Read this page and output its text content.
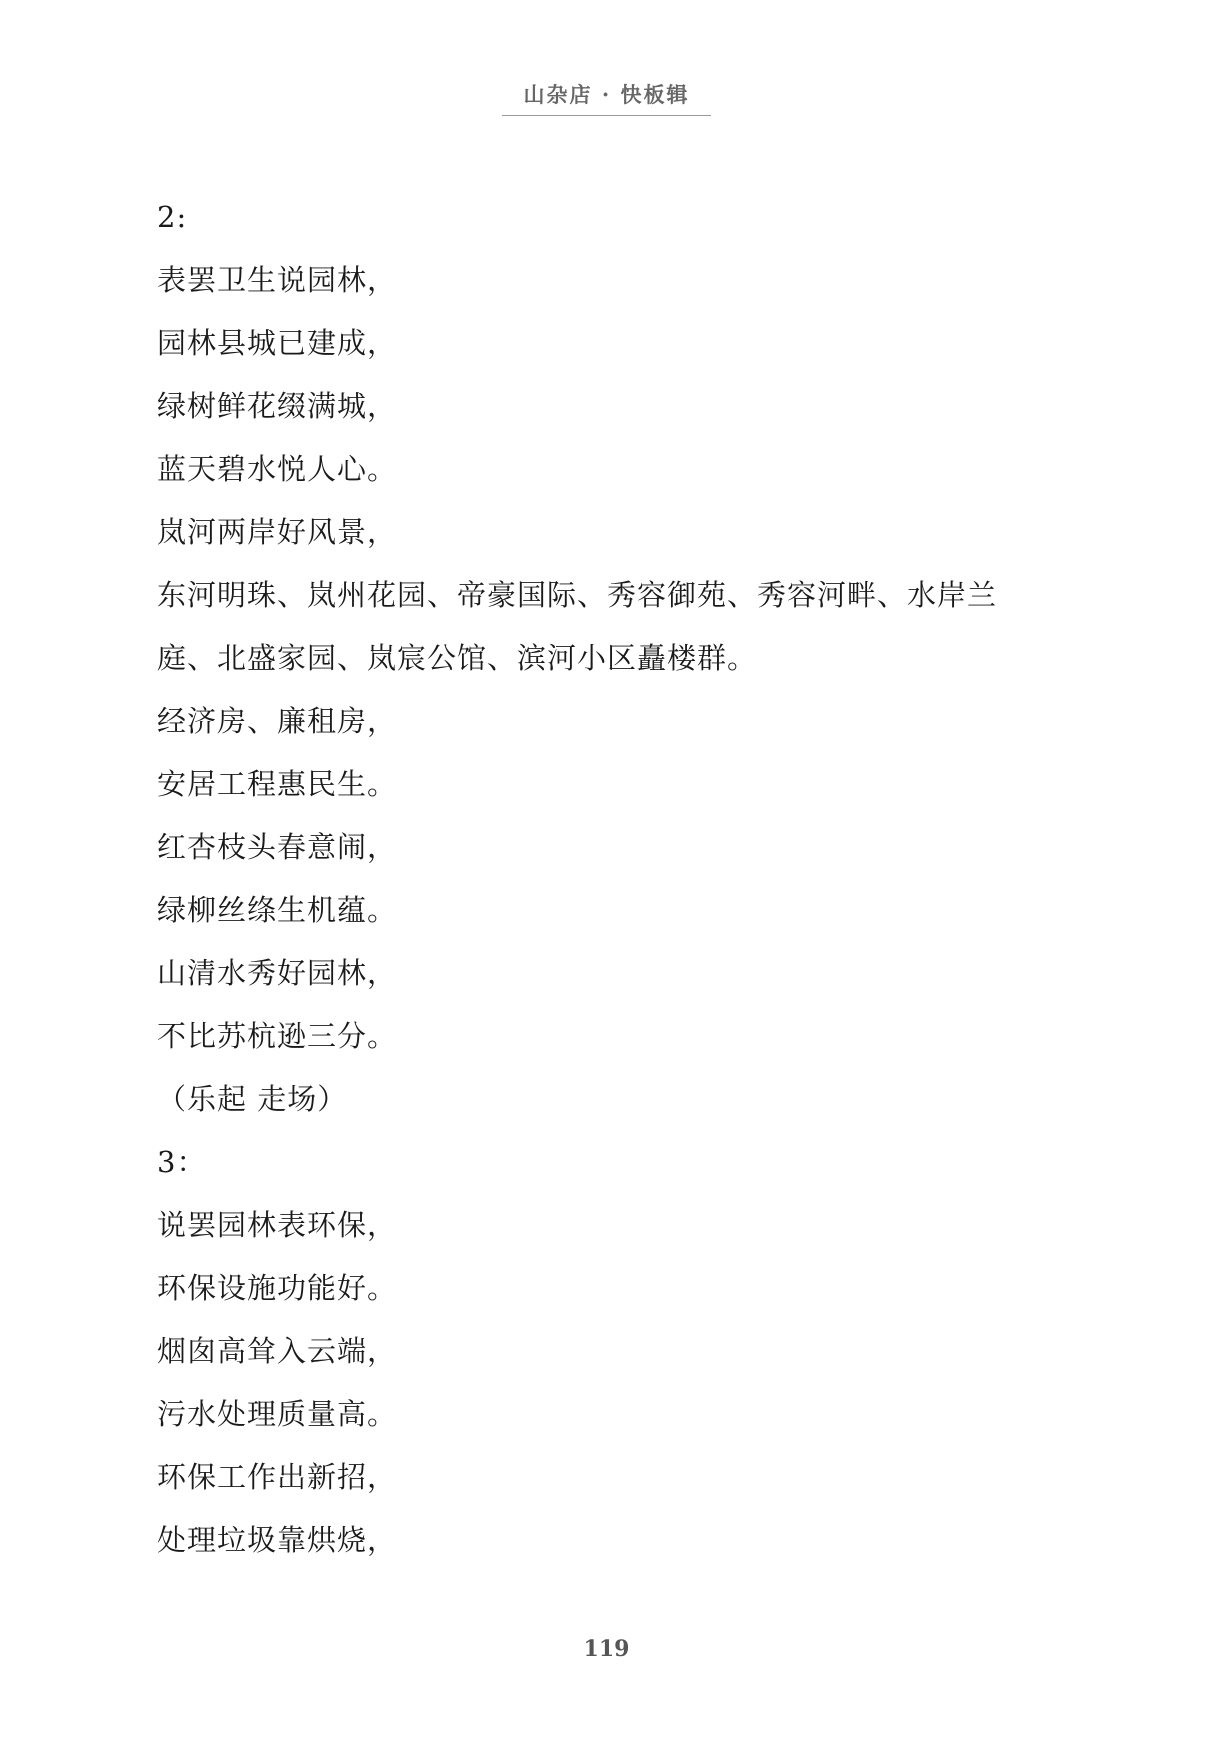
山杂店 · 快板辑
2:
表罢卫生说园林，
园林县城已建成，
绿树鲜花缀满城，
蓝天碧水悦人心。
岚河两岸好风景，
东河明珠、岚州花园、帝豪国际、秀容御苑、秀容河畔、水岸兰
庭、北盛家园、岚宸公馆、滨河小区矗楼群。
经济房、廉租房，
安居工程惠民生。
红杏枝头春意闹，
绿柳丝绦生机蕴。
山清水秀好园林，
不比苏杭逊三分。
（乐起 走场）
3：
说罢园林表环保，
环保设施功能好。
烟囱高耸入云端，
污水处理质量高。
环保工作出新招，
处理垃圾靠烘烧，
119
